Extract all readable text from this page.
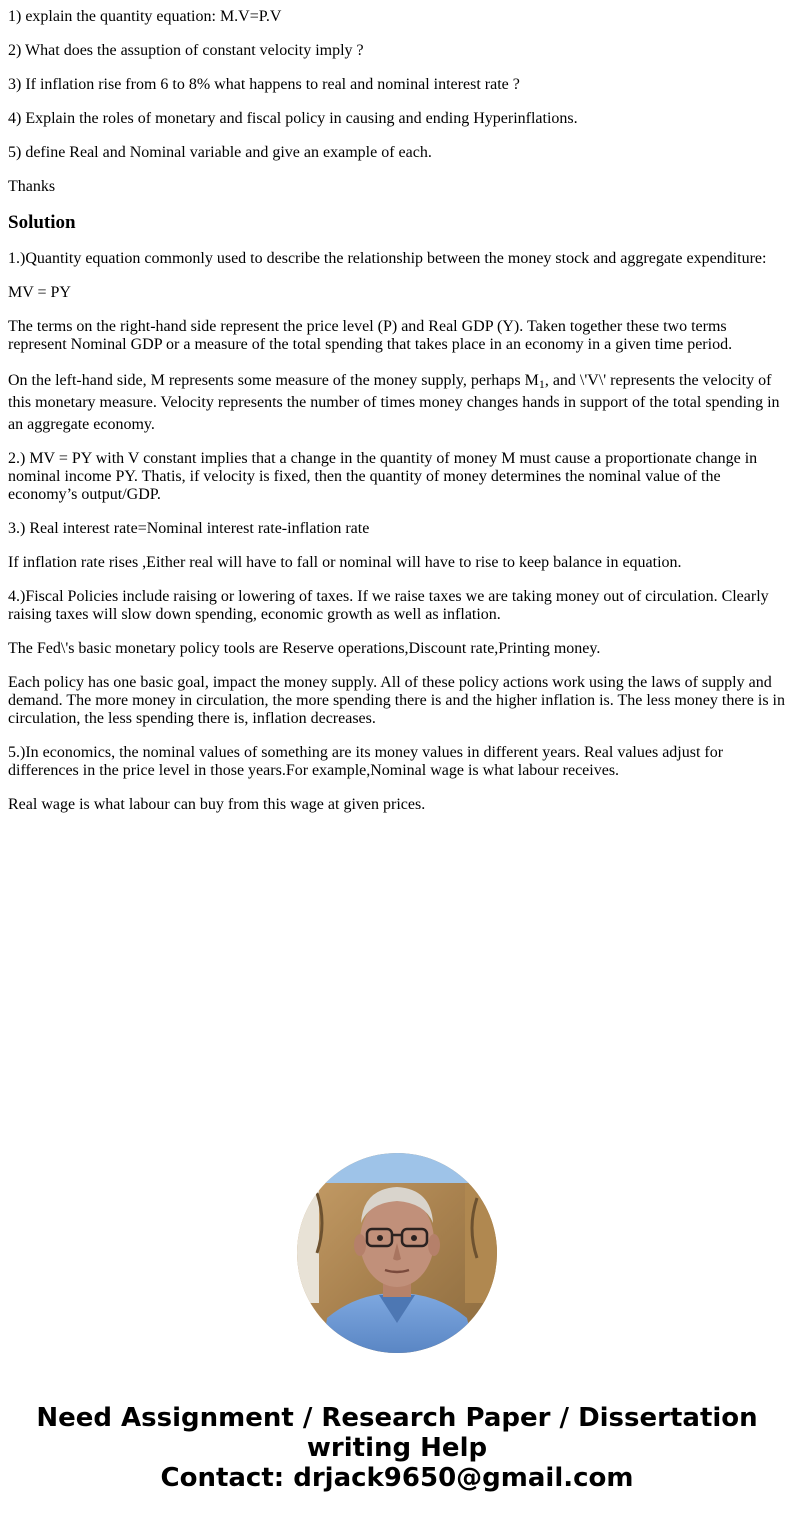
1) explain the quantity equation: M.V=P.V

2) What does the assuption of constant velocity imply ?

3) If inflation rise from 6 to 8% what happens to real and nominal interest rate ?

4) Explain the roles of monetary and fiscal policy in causing and ending Hyperinflations.

5) define Real and Nominal variable and give an example of each.

Thanks

Solution

1.)Quantity equation commonly used to describe the relationship between the money stock and aggregate expenditure:

MV = PY

The terms on the right-hand side represent the price level (P) and Real GDP (Y). Taken together these two terms represent Nominal GDP or a measure of the total spending that takes place in an economy in a given time period.

On the left-hand side, M represents some measure of the money supply, perhaps $M_1$, and \'V\' represents the velocity of this monetary measure. Velocity represents the number of times money changes hands in support of the total spending in an aggregate economy.

2.) MV = PY with V constant implies that a change in the quantity of money M must cause a proportionate change in nominal income PY. Thatis, if velocity is fixed, then the quantity of money determines the nominal value of the economy’s output/GDP.

3.) Real interest rate=Nominal interest rate-inflation rate

If inflation rate rises ,Either real will have to fall or nominal will have to rise to keep balance in equation.

4.)Fiscal Policies include raising or lowering of taxes. If we raise taxes we are taking money out of circulation. Clearly raising taxes will slow down spending, economic growth as well as inflation.

The Fed\'s basic monetary policy tools are Reserve operations,Discount rate,Printing money.

Each policy has one basic goal, impact the money supply. All of these policy actions work using the laws of supply and demand. The more money in circulation, the more spending there is and the higher inflation is. The less money there is in circulation, the less spending there is, inflation decreases.

5.)In economics, the nominal values of something are its money values in different years. Real values adjust for differences in the price level in those years.For example,Nominal wage is what labour receives.

Real wage is what labour can buy from this wage at given prices.

Need Assignment / Research Paper / Dissertation
writing Help
Contact: drjack9650@gmail.com
